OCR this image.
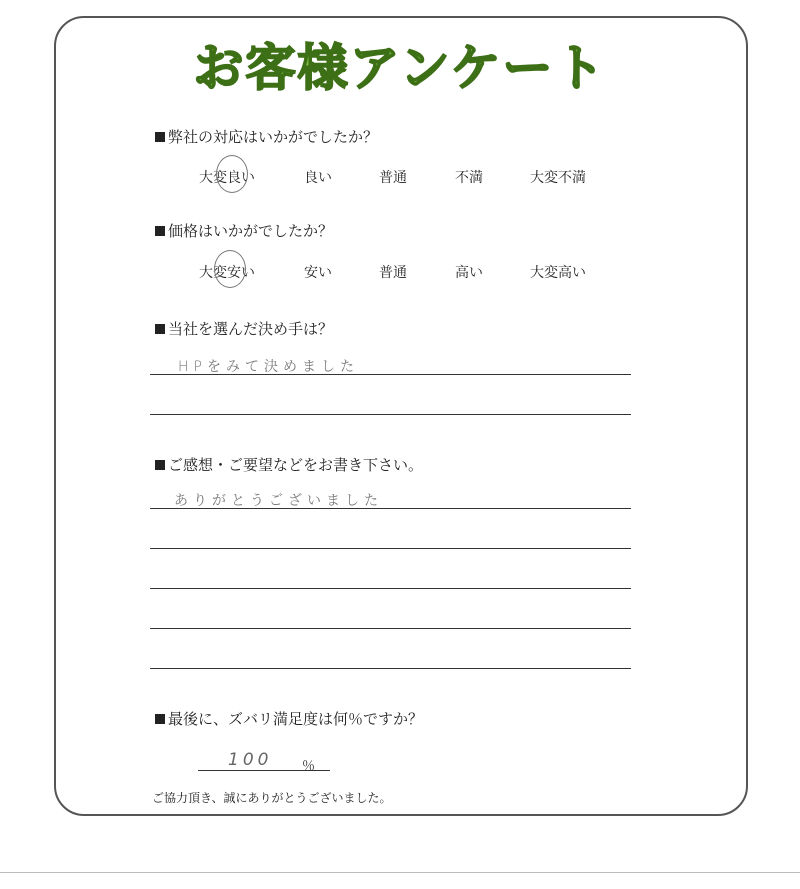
お客様アンケート
弊社の対応はいかがでしたか？
大変良い	良い	普通	不満	大変不満
価格はいかがでしたか？
大変安い	安い	普通	高い	大変高い
当社を選んだ決め手は？
HPをみて決めました
ご感想・ご要望などをお書き下さい。
ありがとうございました
最後に、ズバリ満足度は何％ですか？
100 ％
ご協力頂き、誠にありがとうございました。
